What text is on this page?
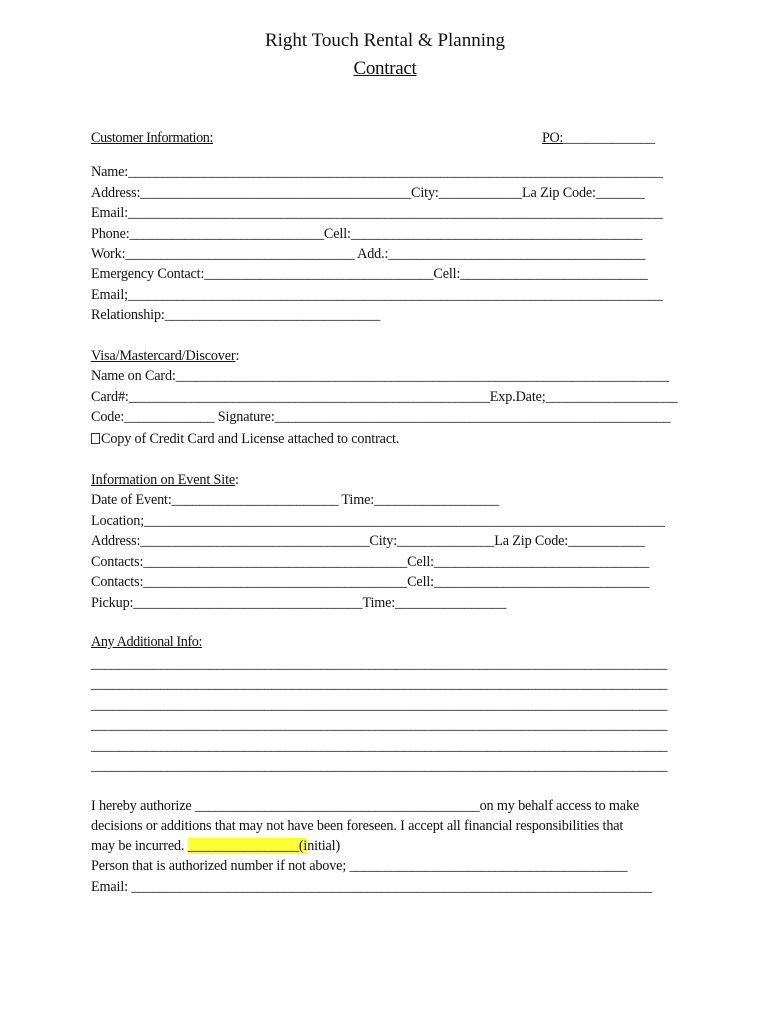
Right Touch Rental & Planning
Contract
Customer Information:	PO:_____________
Name:_____________________________________________________________________________
Address:_______________________________________City:____________La Zip Code:_______
Email:_____________________________________________________________________________
Phone:____________________________Cell:__________________________________________
Work:_________________________________ Add.:_____________________________________
Emergency Contact:_________________________________Cell:___________________________
Email;_____________________________________________________________________________
Relationship:_______________________________
Visa/Mastercard/Discover:
Name on Card:_______________________________________________________________________
Card#:____________________________________________________Exp.Date;___________________
Code:_____________ Signature:_________________________________________________________
Copy of Credit Card and License attached to contract.
Information on Event Site:
Date of Event:________________________ Time:__________________
Location;___________________________________________________________________________
Address:_________________________________City:______________La Zip Code:___________
Contacts:______________________________________Cell:_______________________________
Contacts:______________________________________Cell:_______________________________
Pickup:_________________________________Time:________________
Any Additional Info:
___________________________________________________________________________________
___________________________________________________________________________________
___________________________________________________________________________________
___________________________________________________________________________________
___________________________________________________________________________________
___________________________________________________________________________________
I hereby authorize _________________________________________on my behalf access to make
decisions or additions that may not have been foreseen. I accept all financial responsibilities that
may be incurred. ________________(initial)
Person that is authorized number if not above; ________________________________________
Email: ___________________________________________________________________________
